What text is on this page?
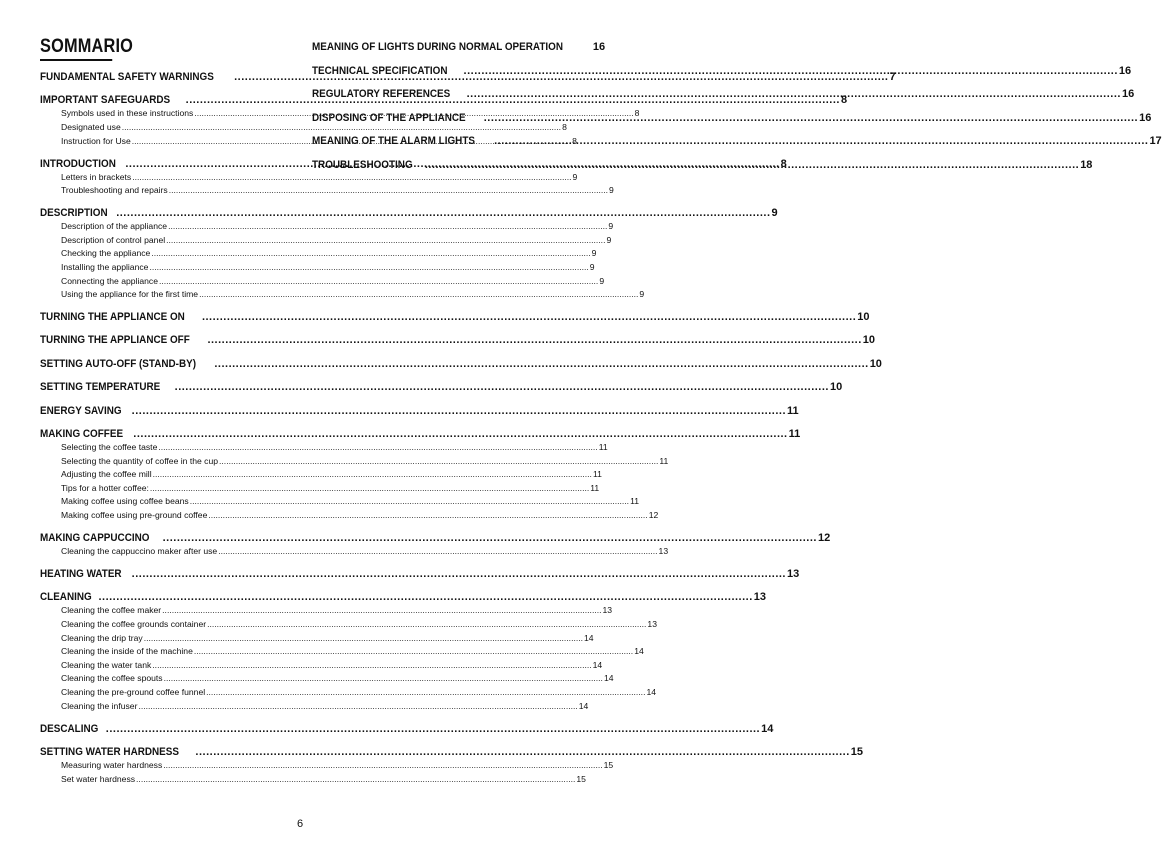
SOMMARIO
FUNDAMENTAL SAFETY WARNINGS .....	7
IMPORTANT SAFEGUARDS .....	8
Symbols used in these instructions .....	8
Designated use .....	8
Instruction for Use .....	8
INTRODUCTION .....	8
Letters in brackets .....	9
Troubleshooting and repairs .....	9
DESCRIPTION .....	9
Description of the appliance .....	9
Description of control panel .....	9
Checking the appliance .....	9
Installing the appliance .....	9
Connecting the appliance .....	9
Using the appliance for the first time .....	9
TURNING THE APPLIANCE ON .....	10
TURNING THE APPLIANCE OFF .....	10
SETTING AUTO-OFF (STAND-BY) .....	10
SETTING TEMPERATURE .....	10
ENERGY SAVING .....	11
MAKING COFFEE .....	11
Selecting the coffee taste .....	11
Selecting the quantity of coffee in the cup .....	11
Adjusting the coffee mill .....	11
Tips for a hotter coffee: .....	11
Making coffee using coffee beans .....	11
Making coffee using pre-ground coffee .....	12
MAKING CAPPUCCINO .....	12
Cleaning the cappuccino maker after use .....	13
HEATING WATER .....	13
CLEANING .....	13
Cleaning the coffee maker .....	13
Cleaning the coffee grounds container .....	13
Cleaning the drip tray .....	14
Cleaning the inside of the machine .....	14
Cleaning the water tank .....	14
Cleaning the coffee spouts .....	14
Cleaning the pre-ground coffee funnel .....	14
Cleaning the infuser .....	14
DESCALING .....	14
SETTING WATER HARDNESS .....	15
Measuring water hardness .....	15
Set water hardness .....	15
MEANING OF LIGHTS DURING NORMAL OPERATION	16
TECHNICAL SPECIFICATION .....	16
REGULATORY REFERENCES .....	16
DISPOSING OF THE APPLIANCE .....	16
MEANING OF THE ALARM LIGHTS .....	17
TROUBLESHOOTING .....	18
6
